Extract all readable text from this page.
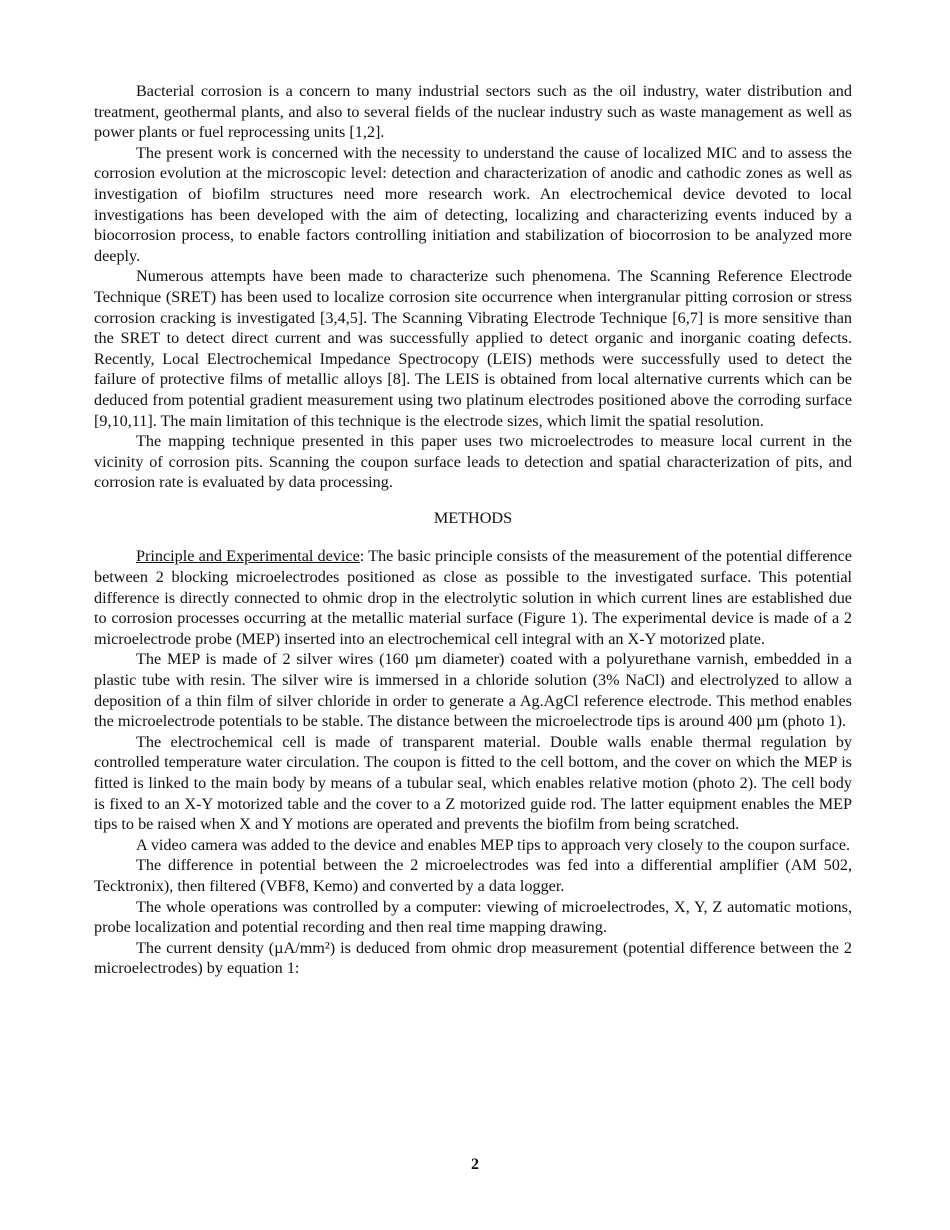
Bacterial corrosion is a concern to many industrial sectors such as the oil industry, water distribution and treatment, geothermal plants, and also to several fields of the nuclear industry such as waste management as well as power plants or fuel reprocessing units [1,2].

The present work is concerned with the necessity to understand the cause of localized MIC and to assess the corrosion evolution at the microscopic level: detection and characterization of anodic and cathodic zones as well as investigation of biofilm structures need more research work. An electrochemical device devoted to local investigations has been developed with the aim of detecting, localizing and characterizing events induced by a biocorrosion process, to enable factors controlling initiation and stabilization of biocorrosion to be analyzed more deeply.

Numerous attempts have been made to characterize such phenomena. The Scanning Reference Electrode Technique (SRET) has been used to localize corrosion site occurrence when intergranular pitting corrosion or stress corrosion cracking is investigated [3,4,5]. The Scanning Vibrating Electrode Technique [6,7] is more sensitive than the SRET to detect direct current and was successfully applied to detect organic and inorganic coating defects. Recently, Local Electrochemical Impedance Spectrocopy (LEIS) methods were successfully used to detect the failure of protective films of metallic alloys [8]. The LEIS is obtained from local alternative currents which can be deduced from potential gradient measurement using two platinum electrodes positioned above the corroding surface [9,10,11]. The main limitation of this technique is the electrode sizes, which limit the spatial resolution.

The mapping technique presented in this paper uses two microelectrodes to measure local current in the vicinity of corrosion pits. Scanning the coupon surface leads to detection and spatial characterization of pits, and corrosion rate is evaluated by data processing.

METHODS

Principle and Experimental device: The basic principle consists of the measurement of the potential difference between 2 blocking microelectrodes positioned as close as possible to the investigated surface. This potential difference is directly connected to ohmic drop in the electrolytic solution in which current lines are established due to corrosion processes occurring at the metallic material surface (Figure 1). The experimental device is made of a 2 microelectrode probe (MEP) inserted into an electrochemical cell integral with an X-Y motorized plate.

The MEP is made of 2 silver wires (160 µm diameter) coated with a polyurethane varnish, embedded in a plastic tube with resin. The silver wire is immersed in a chloride solution (3% NaCl) and electrolyzed to allow a deposition of a thin film of silver chloride in order to generate a Ag.AgCl reference electrode. This method enables the microelectrode potentials to be stable. The distance between the microelectrode tips is around 400 µm (photo 1).

The electrochemical cell is made of transparent material. Double walls enable thermal regulation by controlled temperature water circulation. The coupon is fitted to the cell bottom, and the cover on which the MEP is fitted is linked to the main body by means of a tubular seal, which enables relative motion (photo 2). The cell body is fixed to an X-Y motorized table and the cover to a Z motorized guide rod. The latter equipment enables the MEP tips to be raised when X and Y motions are operated and prevents the biofilm from being scratched.

A video camera was added to the device and enables MEP tips to approach very closely to the coupon surface.

The difference in potential between the 2 microelectrodes was fed into a differential amplifier (AM 502, Tecktronix), then filtered (VBF8, Kemo) and converted by a data logger.

The whole operations was controlled by a computer: viewing of microelectrodes, X, Y, Z automatic motions, probe localization and potential recording and then real time mapping drawing.

The current density (µA/mm²) is deduced from ohmic drop measurement (potential difference between the 2 microelectrodes) by equation 1:

2
